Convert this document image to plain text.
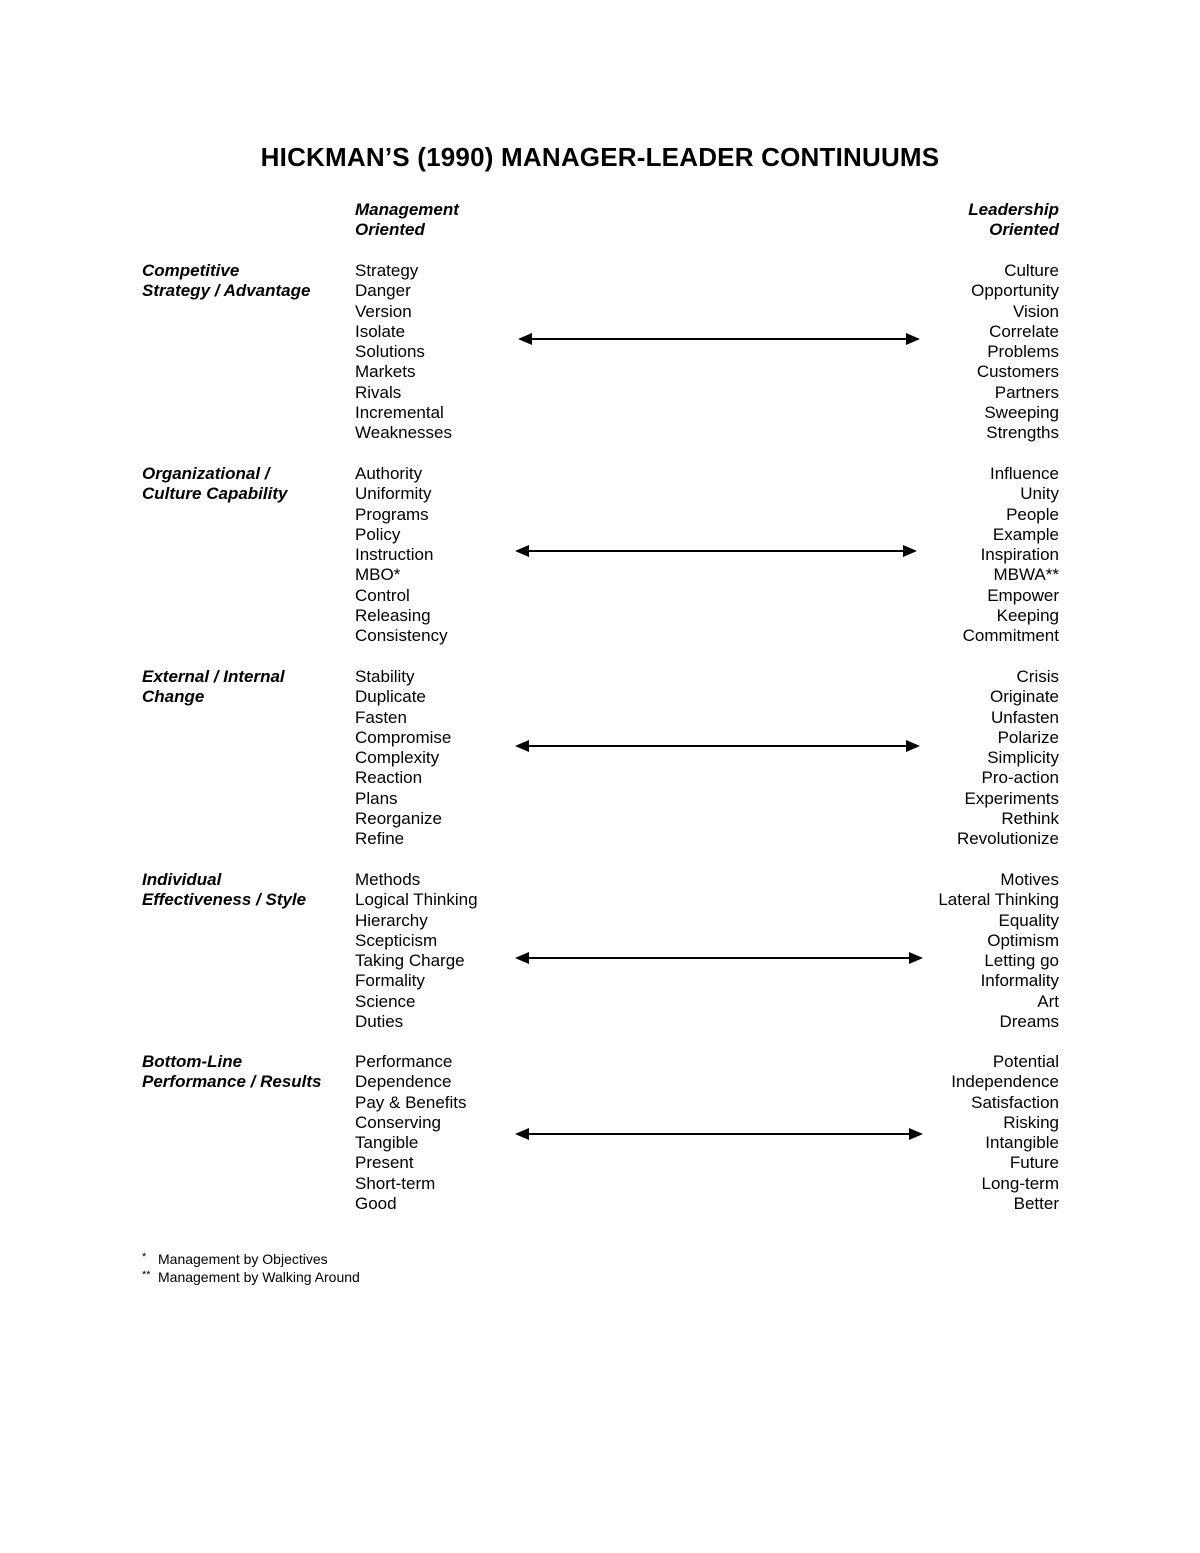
HICKMAN’S (1990) MANAGER-LEADER CONTINUUMS
Management
Oriented
Leadership
Oriented
Competitive
Strategy / Advantage
Strategy
Danger
Version
Isolate
Solutions
Markets
Rivals
Incremental
Weaknesses
Culture
Opportunity
Vision
Correlate
Problems
Customers
Partners
Sweeping
Strengths
Organizational /
Culture Capability
Authority
Uniformity
Programs
Policy
Instruction
MBO*
Control
Releasing
Consistency
Influence
Unity
People
Example
Inspiration
MBWA**
Empower
Keeping
Commitment
External / Internal
Change
Stability
Duplicate
Fasten
Compromise
Complexity
Reaction
Plans
Reorganize
Refine
Crisis
Originate
Unfasten
Polarize
Simplicity
Pro-action
Experiments
Rethink
Revolutionize
Individual
Effectiveness / Style
Methods
Logical Thinking
Hierarchy
Scepticism
Taking Charge
Formality
Science
Duties
Motives
Lateral Thinking
Equality
Optimism
Letting go
Informality
Art
Dreams
Bottom-Line
Performance / Results
Performance
Dependence
Pay & Benefits
Conserving
Tangible
Present
Short-term
Good
Potential
Independence
Satisfaction
Risking
Intangible
Future
Long-term
Better
* Management by Objectives
** Management by Walking Around
